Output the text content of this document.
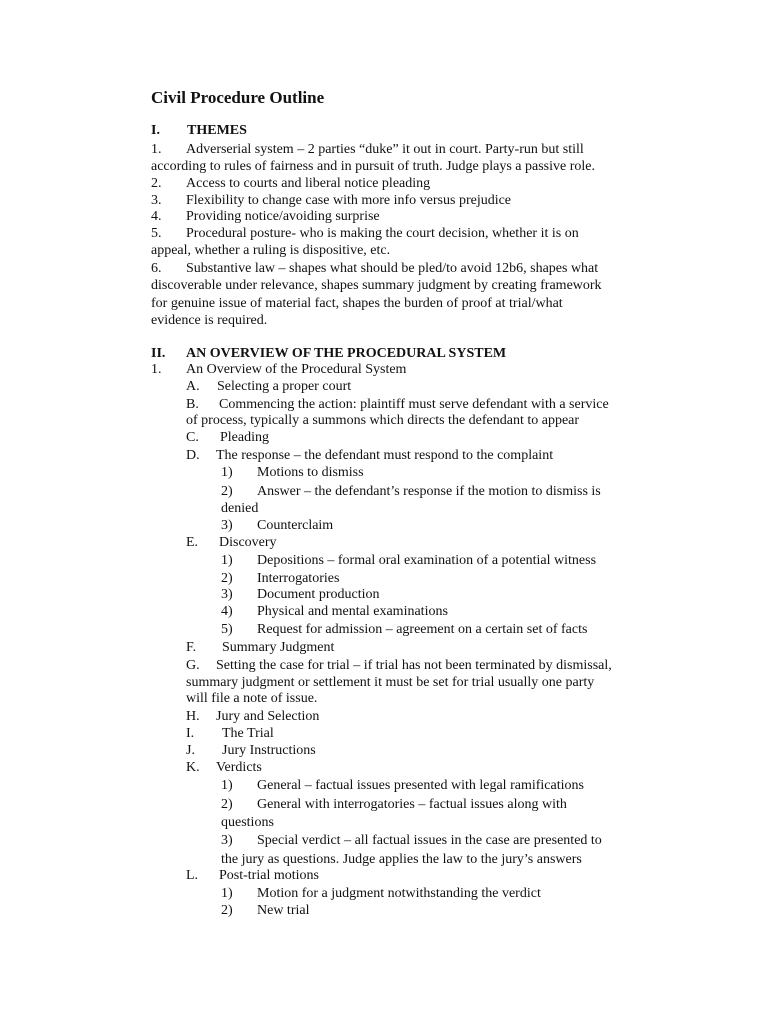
Civil Procedure Outline
I. THEMES
1. Adverserial system – 2 parties “duke” it out in court. Party-run but still
according to rules of fairness and in pursuit of truth. Judge plays a passive role.
2. Access to courts and liberal notice pleading
3. Flexibility to change case with more info versus prejudice
4. Providing notice/avoiding surprise
5. Procedural posture- who is making the court decision, whether it is on
appeal, whether a ruling is dispositive, etc.
6. Substantive law – shapes what should be pled/to avoid 12b6, shapes what
discoverable under relevance, shapes summary judgment by creating framework
for genuine issue of material fact, shapes the burden of proof at trial/what
evidence is required.
II. AN OVERVIEW OF THE PROCEDURAL SYSTEM
1. An Overview of the Procedural System
A. Selecting a proper court
B. Commencing the action: plaintiff must serve defendant with a service
of process, typically a summons which directs the defendant to appear
C. Pleading
D. The response – the defendant must respond to the complaint
1) Motions to dismiss
2) Answer – the defendant’s response if the motion to dismiss is
denied
3) Counterclaim
E. Discovery
1) Depositions – formal oral examination of a potential witness
2) Interrogatories
3) Document production
4) Physical and mental examinations
5) Request for admission – agreement on a certain set of facts
F. Summary Judgment
G. Setting the case for trial – if trial has not been terminated by dismissal,
summary judgment or settlement it must be set for trial usually one party
will file a note of issue.
H. Jury and Selection
I. The Trial
J. Jury Instructions
K. Verdicts
1) General – factual issues presented with legal ramifications
2) General with interrogatories – factual issues along with
questions
3) Special verdict – all factual issues in the case are presented to
the jury as questions. Judge applies the law to the jury’s answers
L. Post-trial motions
1) Motion for a judgment notwithstanding the verdict
2) New trial
